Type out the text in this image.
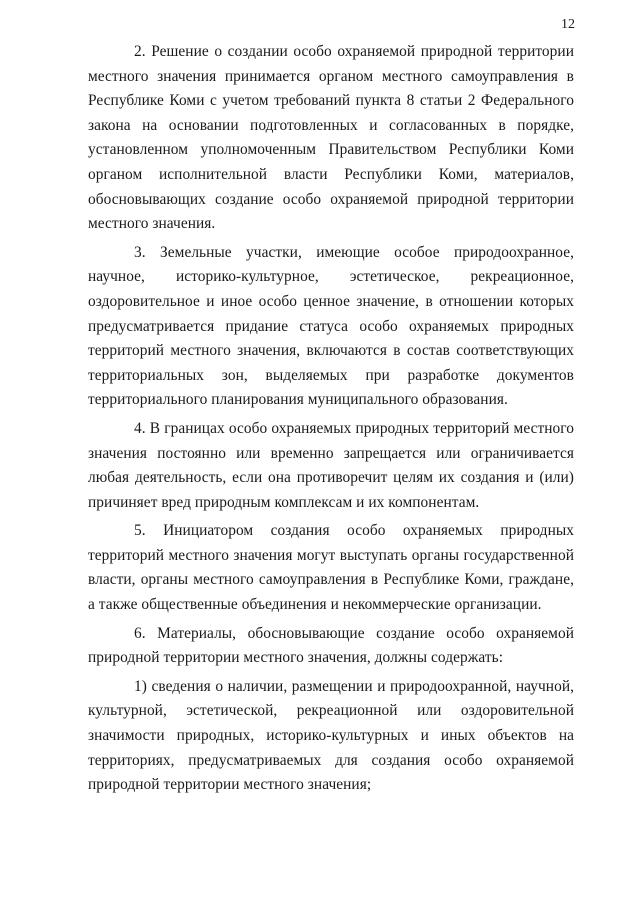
12

2. Решение о создании особо охраняемой природной территории местного значения принимается органом местного самоуправления в Республике Коми с учетом требований пункта 8 статьи 2 Федерального закона на основании подготовленных и согласованных в порядке, установленном уполномоченным Правительством Республики Коми органом исполнительной власти Республики Коми, материалов, обосновывающих создание особо охраняемой природной территории местного значения.

3. Земельные участки, имеющие особое природоохранное, научное, историко-культурное, эстетическое, рекреационное, оздоровительное и иное особо ценное значение, в отношении которых предусматривается придание статуса особо охраняемых природных территорий местного значения, включаются в состав соответствующих территориальных зон, выделяемых при разработке документов территориального планирования муниципального образования.

4. В границах особо охраняемых природных территорий местного значения постоянно или временно запрещается или ограничивается любая деятельность, если она противоречит целям их создания и (или) причиняет вред природным комплексам и их компонентам.

5. Инициатором создания особо охраняемых природных территорий местного значения могут выступать органы государственной власти, органы местного самоуправления в Республике Коми, граждане, а также общественные объединения и некоммерческие организации.

6. Материалы, обосновывающие создание особо охраняемой природной территории местного значения, должны содержать:

1) сведения о наличии, размещении и природоохранной, научной, культурной, эстетической, рекреационной или оздоровительной значимости природных, историко-культурных и иных объектов на территориях, предусматриваемых для создания особо охраняемой природной территории местного значения;
